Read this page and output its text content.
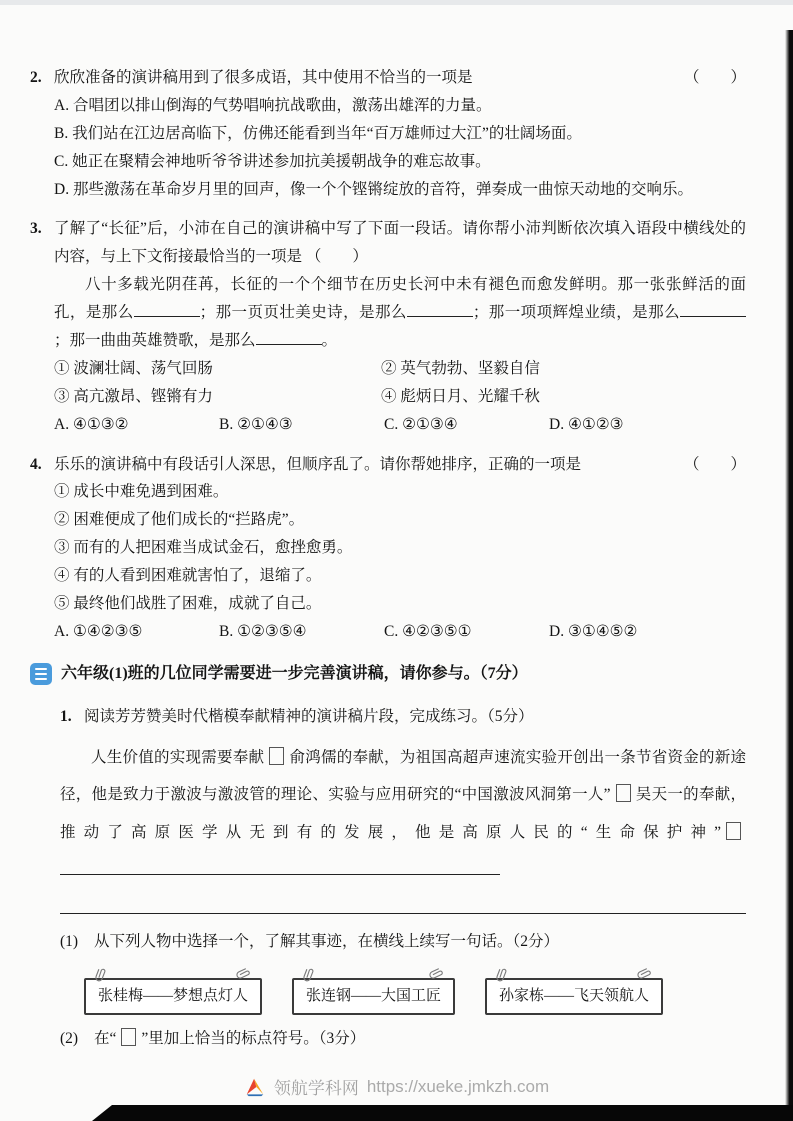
2. 欣欣准备的演讲稿用到了很多成语，其中使用不恰当的一项是	（　　）
A. 合唱团以排山倒海的气势唱响抗战歌曲，激荡出雄浑的力量。
B. 我们站在江边居高临下，仿佛还能看到当年“百万雄师过大江”的壮阔场面。
C. 她正在聚精会神地听爷爷讲述参加抗美援朝战争的难忘故事。
D. 那些激荡在革命岁月里的回声，像一个个铿锵绽放的音符，弹奏成一曲惊天动地的交响乐。
3. 了解了“长征”后，小沛在自己的演讲稿中写了下面一段话。请你帮小沛判断依次填入语段中横线处的内容，与上下文衔接最恰当的一项是 （　　）
八十多载光阴荏苒，长征的一个个细节在历史长河中未有褪色而愈发鲜明。那一张张鲜活的面孔，是那么	；那一页页壮美史诗，是那么	；那一项项辉煌业绩，是那么；那一曲曲英雄赞歌，是那么	。
① 波澜壮阔、荡气回肠	② 英气勃勃、坚毅自信
③ 高亢激昂、铿锵有力	④ 彪炳日月、光耀千秋
A. ④①③②	B. ②①④③	C. ②①③④	D. ④①②③
4. 乐乐的演讲稿中有段话引人深思，但顺序乱了。请你帮她排序，正确的一项是	（　　）
① 成长中难免遇到困难。
② 困难便成了他们成长的“拦路虎”。
③ 而有的人把困难当成试金石，愈挫愈勇。
④ 有的人看到困难就害怕了，退缩了。
⑤ 最终他们战胜了困难，成就了自己。
A. ①④②③⑤	B. ①②③⑤④	C. ④②③⑤①	D. ③①④⑤②
六年级(1)班的几位同学需要进一步完善演讲稿，请你参与。（7分）
1. 阅读芳芳赞美时代楷模奉献精神的演讲稿片段，完成练习。（5分）
人生价值的实现需要奉献 俞鸿儒的奉献，为祖国高超声速流实验开创出一条节省资金的新途径，他是致力于激波与激波管的理论、实验与应用研究的“中国激波风洞第一人” 吴天一的奉献，推动了高原医学从无到有的发展，他是高原人民的“生命保护神”
(1)	从下列人物中选择一个，了解其事迹，在横线上续写一句话。（2分）
张桂梅——梦想点灯人	张连钢——大国工匠	孙家栋——飞天领航人
(2)	在“ ”里加上恰当的标点符号。（3分）
领航学科网 https://xueke.jmkzh.com
